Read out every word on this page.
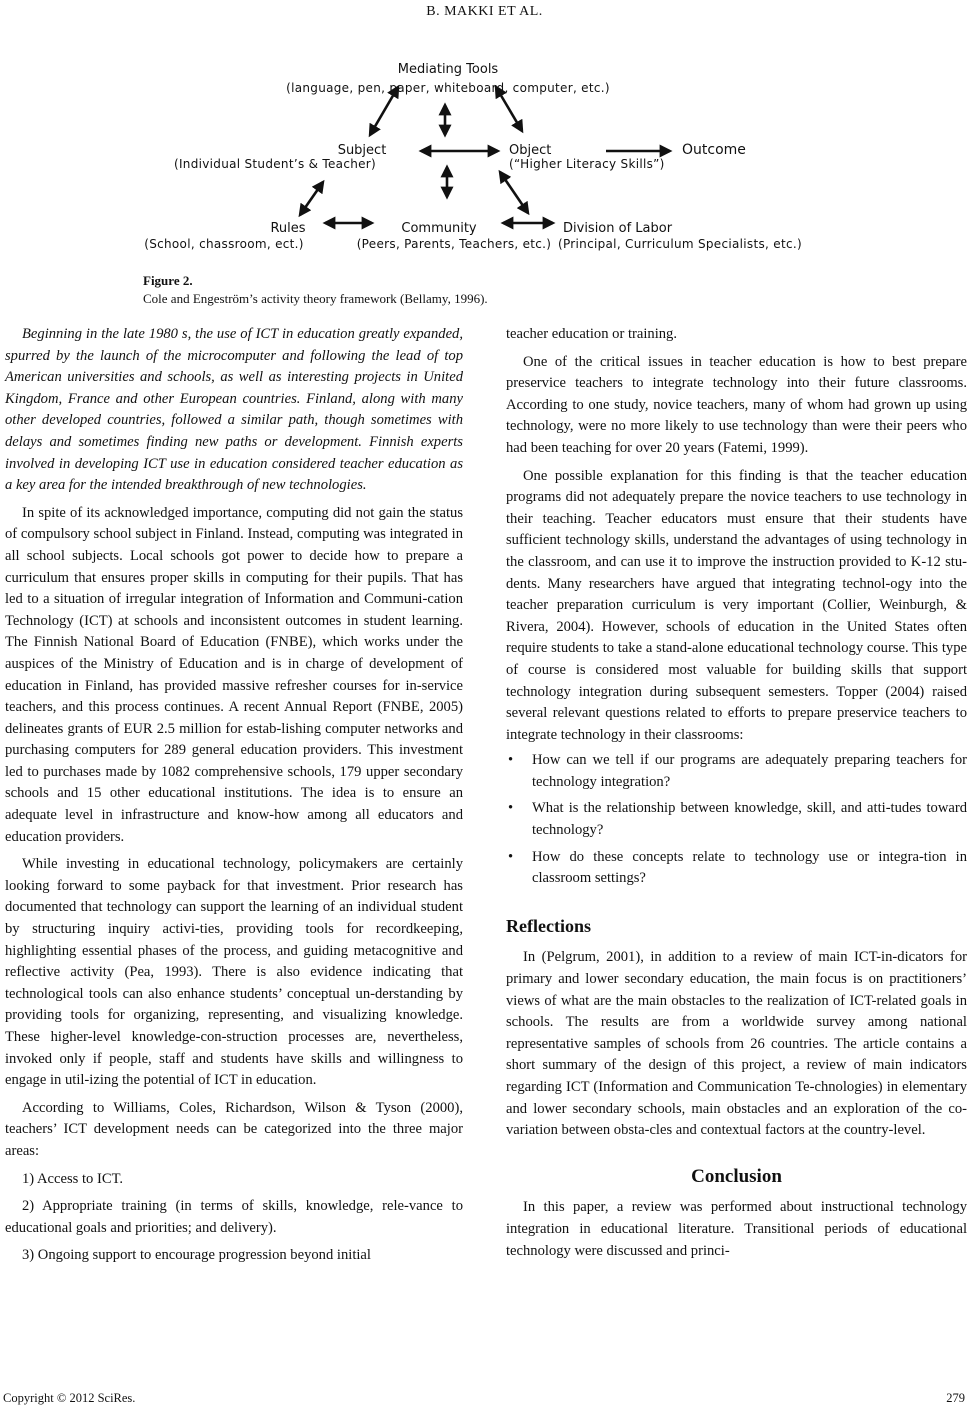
B. MAKKI ET AL.
Mediating Tools
(language, pen, paper, whiteboard, computer, etc.)
Subject
(Individual Student’s & Teacher)
Object
(“Higher Literacy Skills”)
Outcome
Rules
(School, chassroom, ect.)
Community
(Peers, Parents, Teachers, etc.)
Division of Labor
(Principal, Curriculum Specialists, etc.)
Figure 2.
Cole and Engeström’s activity theory framework (Bellamy, 1996).

Beginning in the late 1980 s, the use of ICT in education greatly expanded, spurred by the launch of the microcomputer and following the lead of top American universities and schools, as well as interesting projects in United Kingdom, France and other European countries. Finland, along with many other developed countries, followed a similar path, though sometimes with delays and sometimes finding new paths or development. Finnish experts involved in developing ICT use in education considered teacher education as a key area for the intended breakthrough of new technologies.

In spite of its acknowledged importance, computing did not gain the status of compulsory school subject in Finland. Instead, computing was integrated in all school subjects. Local schools got power to decide how to prepare a curriculum that ensures proper skills in computing for their pupils. That has led to a situation of irregular integration of Information and Communi-cation Technology (ICT) at schools and inconsistent outcomes in student learning. The Finnish National Board of Education (FNBE), which works under the auspices of the Ministry of Education and is in charge of development of education in Finland, has provided massive refresher courses for in-service teachers, and this process continues. A recent Annual Report (FNBE, 2005) delineates grants of EUR 2.5 million for estab-lishing computer networks and purchasing computers for 289 general education providers. This investment led to purchases made by 1082 comprehensive schools, 179 upper secondary schools and 15 other educational institutions. The idea is to ensure an adequate level in infrastructure and know-how among all educators and education providers.

While investing in educational technology, policymakers are certainly looking forward to some payback for that investment. Prior research has documented that technology can support the learning of an individual student by structuring inquiry activi-ties, providing tools for recordkeeping, highlighting essential phases of the process, and guiding metacognitive and reflective activity (Pea, 1993). There is also evidence indicating that technological tools can also enhance students’ conceptual un-derstanding by providing tools for organizing, representing, and visualizing knowledge. These higher-level knowledge-con-struction processes are, nevertheless, invoked only if people, staff and students have skills and willingness to engage in util-izing the potential of ICT in education.

According to Williams, Coles, Richardson, Wilson & Tyson (2000), teachers’ ICT development needs can be categorized into the three major areas:

1) Access to ICT.

2) Appropriate training (in terms of skills, knowledge, rele-vance to educational goals and priorities; and delivery).

3) Ongoing support to encourage progression beyond initial

teacher education or training.

One of the critical issues in teacher education is how to best prepare preservice teachers to integrate technology into their future classrooms. According to one study, novice teachers, many of whom had grown up using technology, were no more likely to use technology than were their peers who had been teaching for over 20 years (Fatemi, 1999).

One possible explanation for this finding is that the teacher education programs did not adequately prepare the novice teachers to use technology in their teaching. Teacher educators must ensure that their students have sufficient technology skills, understand the advantages of using technology in the classroom, and can use it to improve the instruction provided to K-12 stu-dents. Many researchers have argued that integrating technol-ogy into the teacher preparation curriculum is very important (Collier, Weinburgh, & Rivera, 2004). However, schools of education in the United States often require students to take a stand-alone educational technology course. This type of course is considered most valuable for building skills that support technology integration during subsequent semesters. Topper (2004) raised several relevant questions related to efforts to prepare preservice teachers to integrate technology in their classrooms:

• How can we tell if our programs are adequately preparing teachers for technology integration?
• What is the relationship between knowledge, skill, and atti-tudes toward technology?
• How do these concepts relate to technology use or integra-tion in classroom settings?
Reflections

In (Pelgrum, 2001), in addition to a review of main ICT-in-dicators for primary and lower secondary education, the main focus is on practitioners’ views of what are the main obstacles to the realization of ICT-related goals in schools. The results are from a worldwide survey among national representative samples of schools from 26 countries. The article contains a short summary of the design of this project, a review of main indicators regarding ICT (Information and Communication Te-chnologies) in elementary and lower secondary schools, main obstacles and an exploration of the co-variation between obsta-cles and contextual factors at the country-level.

Conclusion

In this paper, a review was performed about instructional technology integration in educational literature. Transitional periods of educational technology were discussed and princi-

Copyright © 2012 SciRes.	279
